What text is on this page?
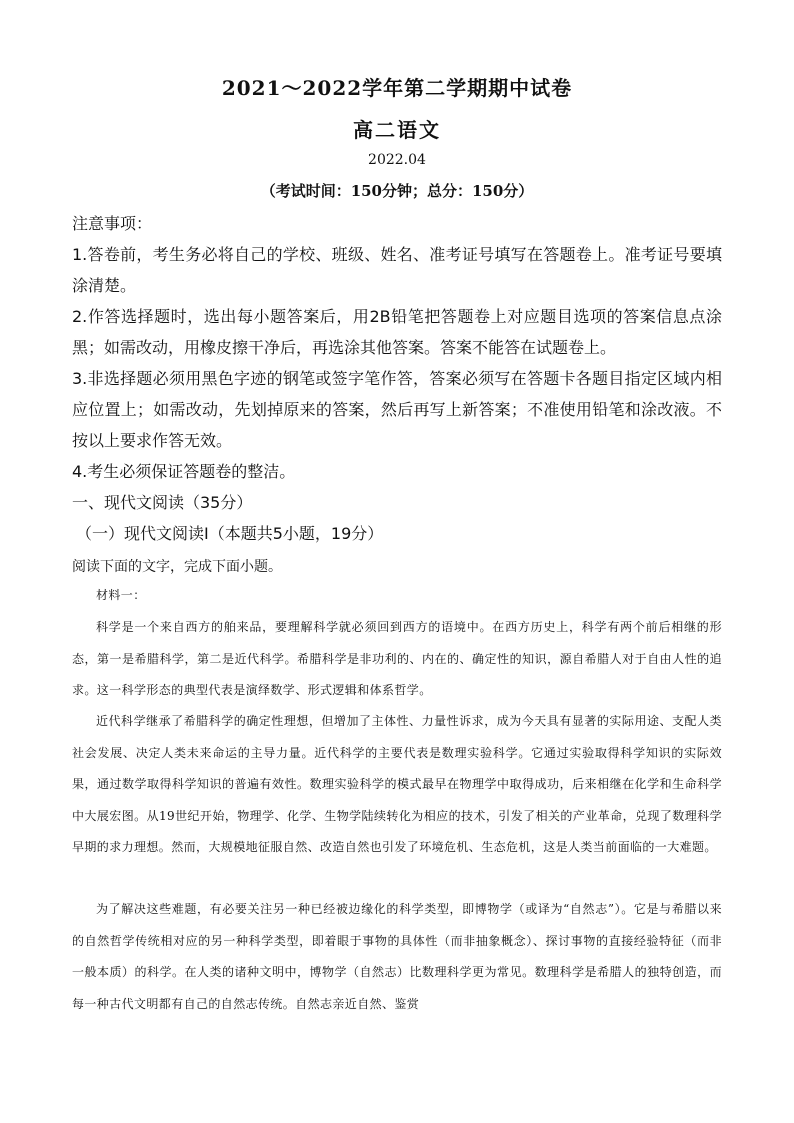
2021～2022学年第二学期期中试卷
高二语文
2022.04
（考试时间：150分钟；总分：150分）
注意事项：
1.答卷前，考生务必将自己的学校、班级、姓名、准考证号填写在答题卷上。准考证号要填涂清楚。
2.作答选择题时，选出每小题答案后，用2B铅笔把答题卷上对应题目选项的答案信息点涂黑；如需改动，用橡皮擦干净后，再选涂其他答案。答案不能答在试题卷上。
3.非选择题必须用黑色字迹的钢笔或签字笔作答，答案必须写在答题卡各题目指定区域内相应位置上；如需改动，先划掉原来的答案，然后再写上新答案；不准使用铅笔和涂改液。不按以上要求作答无效。
4.考生必须保证答题卷的整洁。
一、现代文阅读（35分）
（一）现代文阅读Ⅰ（本题共5小题，19分）
阅读下面的文字，完成下面小题。
材料一：
科学是一个来自西方的舶来品，要理解科学就必须回到西方的语境中。在西方历史上，科学有两个前后相继的形态，第一是希腊科学，第二是近代科学。希腊科学是非功利的、内在的、确定性的知识，源自希腊人对于自由人性的追求。这一科学形态的典型代表是演绎数学、形式逻辑和体系哲学。
近代科学继承了希腊科学的确定性理想，但增加了主体性、力量性诉求，成为今天具有显著的实际用途、支配人类社会发展、决定人类未来命运的主导力量。近代科学的主要代表是数理实验科学。它通过实验取得科学知识的实际效果，通过数学取得科学知识的普遍有效性。数理实验科学的模式最早在物理学中取得成功，后来相继在化学和生命科学中大展宏图。从19世纪开始，物理学、化学、生物学陆续转化为相应的技术，引发了相关的产业革命，兑现了数理科学早期的求力理想。然而，大规模地征服自然、改造自然也引发了环境危机、生态危机，这是人类当前面临的一大难题。
为了解决这些难题，有必要关注另一种已经被边缘化的科学类型，即博物学（或译为“自然志”）。它是与希腊以来的自然哲学传统相对应的另一种科学类型，即着眼于事物的具体性（而非抽象概念）、探讨事物的直接经验特征（而非一般本质）的科学。在人类的诸种文明中，博物学（自然志）比数理科学更为常见。数理科学是希腊人的独特创造，而每一种古代文明都有自己的自然志传统。自然志亲近自然、鉴赏
